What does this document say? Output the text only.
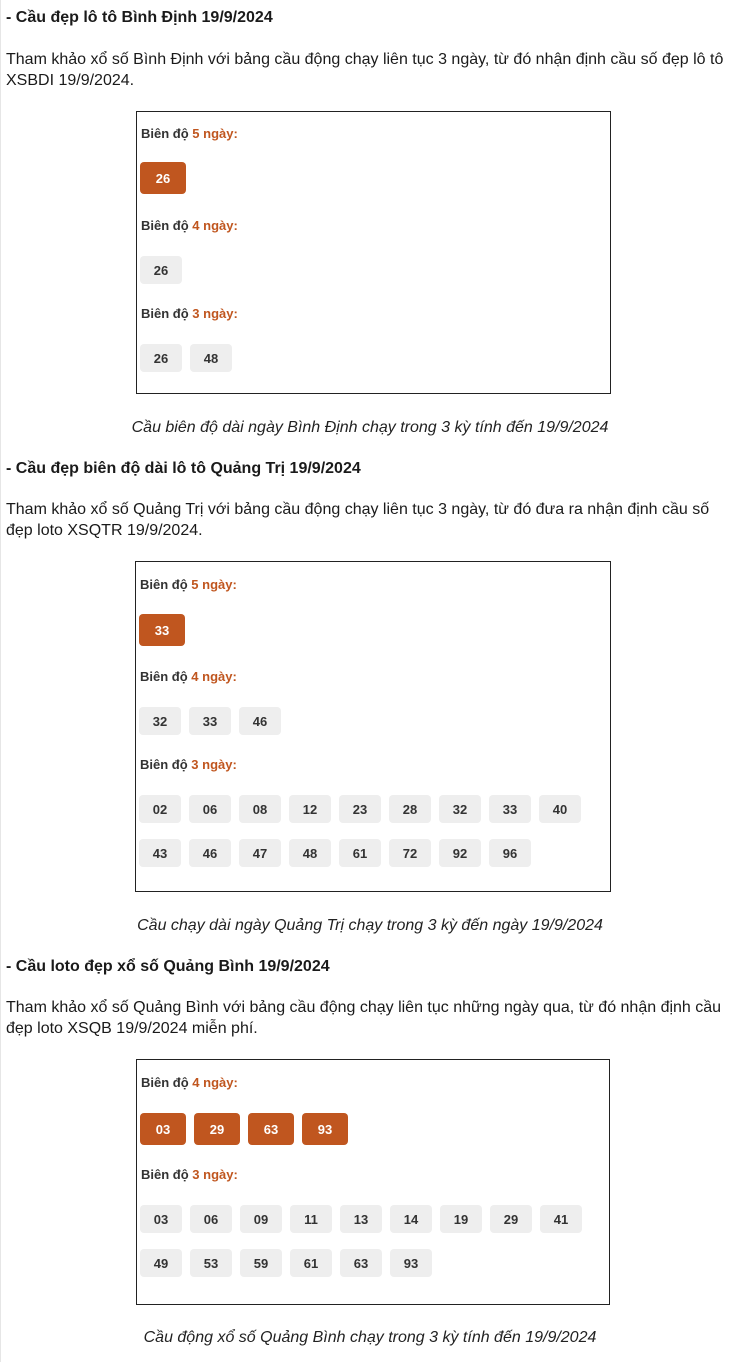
- Cầu đẹp lô tô Bình Định 19/9/2024

Tham khảo xổ số Bình Định với bảng cầu động chạy liên tục 3 ngày, từ đó nhận định cầu số đẹp lô tô XSBDI 19/9/2024.

Biên độ 5 ngày:
26
Biên độ 4 ngày:
26
Biên độ 3 ngày:
26	48

Cầu biên độ dài ngày Bình Định chạy trong 3 kỳ tính đến 19/9/2024

- Cầu đẹp biên độ dài lô tô Quảng Trị 19/9/2024

Tham khảo xổ số Quảng Trị với bảng cầu động chạy liên tục 3 ngày, từ đó đưa ra nhận định cầu số đẹp loto XSQTR 19/9/2024.

Biên độ 5 ngày:
33
Biên độ 4 ngày:
32	33	46
Biên độ 3 ngày:
02	06	08	12	23	28	32	33	40
43	46	47	48	61	72	92	96

Cầu chạy dài ngày Quảng Trị chạy trong 3 kỳ đến ngày 19/9/2024

- Cầu loto đẹp xổ số Quảng Bình 19/9/2024

Tham khảo xổ số Quảng Bình với bảng cầu động chạy liên tục những ngày qua, từ đó nhận định cầu đẹp loto XSQB 19/9/2024 miễn phí.

Biên độ 4 ngày:
03	29	63	93
Biên độ 3 ngày:
03	06	09	11	13	14	19	29	41
49	53	59	61	63	93

Cầu động xổ số Quảng Bình chạy trong 3 kỳ tính đến 19/9/2024
